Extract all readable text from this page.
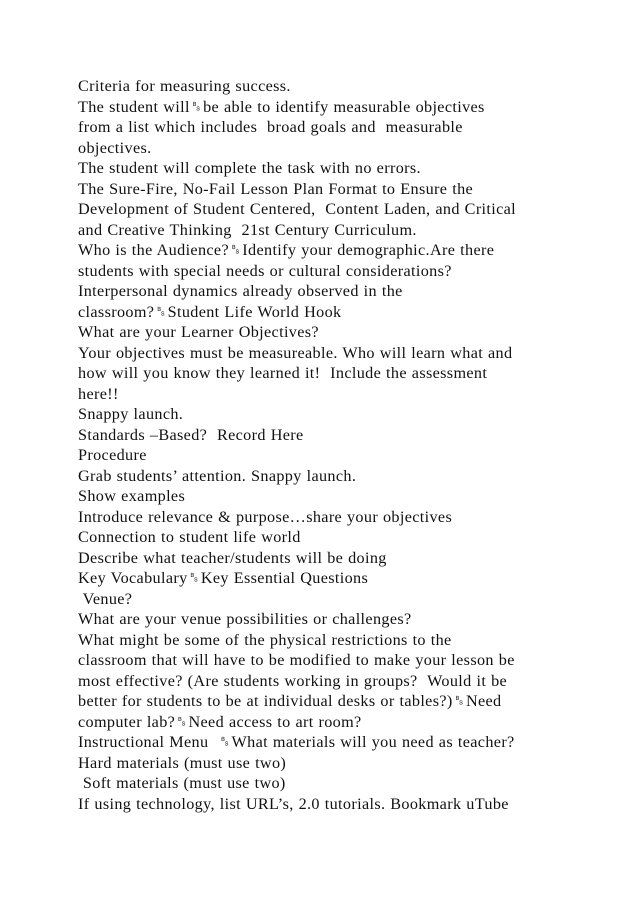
Criteria for measuring success.
The student will␈be able to identify measurable objectives
from a list which includes  broad goals and  measurable
objectives.
The student will complete the task with no errors.
The Sure-Fire, No-Fail Lesson Plan Format to Ensure the
Development of Student Centered,  Content Laden, and Critical
and Creative Thinking  21st Century Curriculum.
Who is the Audience?␈Identify your demographic.Are there
students with special needs or cultural considerations?
Interpersonal dynamics already observed in the
classroom?␈Student Life World Hook
What are your Learner Objectives?
Your objectives must be measureable. Who will learn what and
how will you know they learned it!  Include the assessment
here!!
Snappy launch.
Standards –Based?  Record Here
Procedure
Grab students’ attention. Snappy launch.
Show examples
Introduce relevance & purpose…share your objectives
Connection to student life world
Describe what teacher/students will be doing
Key Vocabulary␈Key Essential Questions
Venue?
What are your venue possibilities or challenges?
What might be some of the physical restrictions to the
classroom that will have to be modified to make your lesson be
most effective? (Are students working in groups?  Would it be
better for students to be at individual desks or tables?)␈Need
computer lab?␈Need access to art room?
Instructional Menu  ␈What materials will you need as teacher?
Hard materials (must use two)
Soft materials (must use two)
If using technology, list URL’s, 2.0 tutorials. Bookmark uTube
